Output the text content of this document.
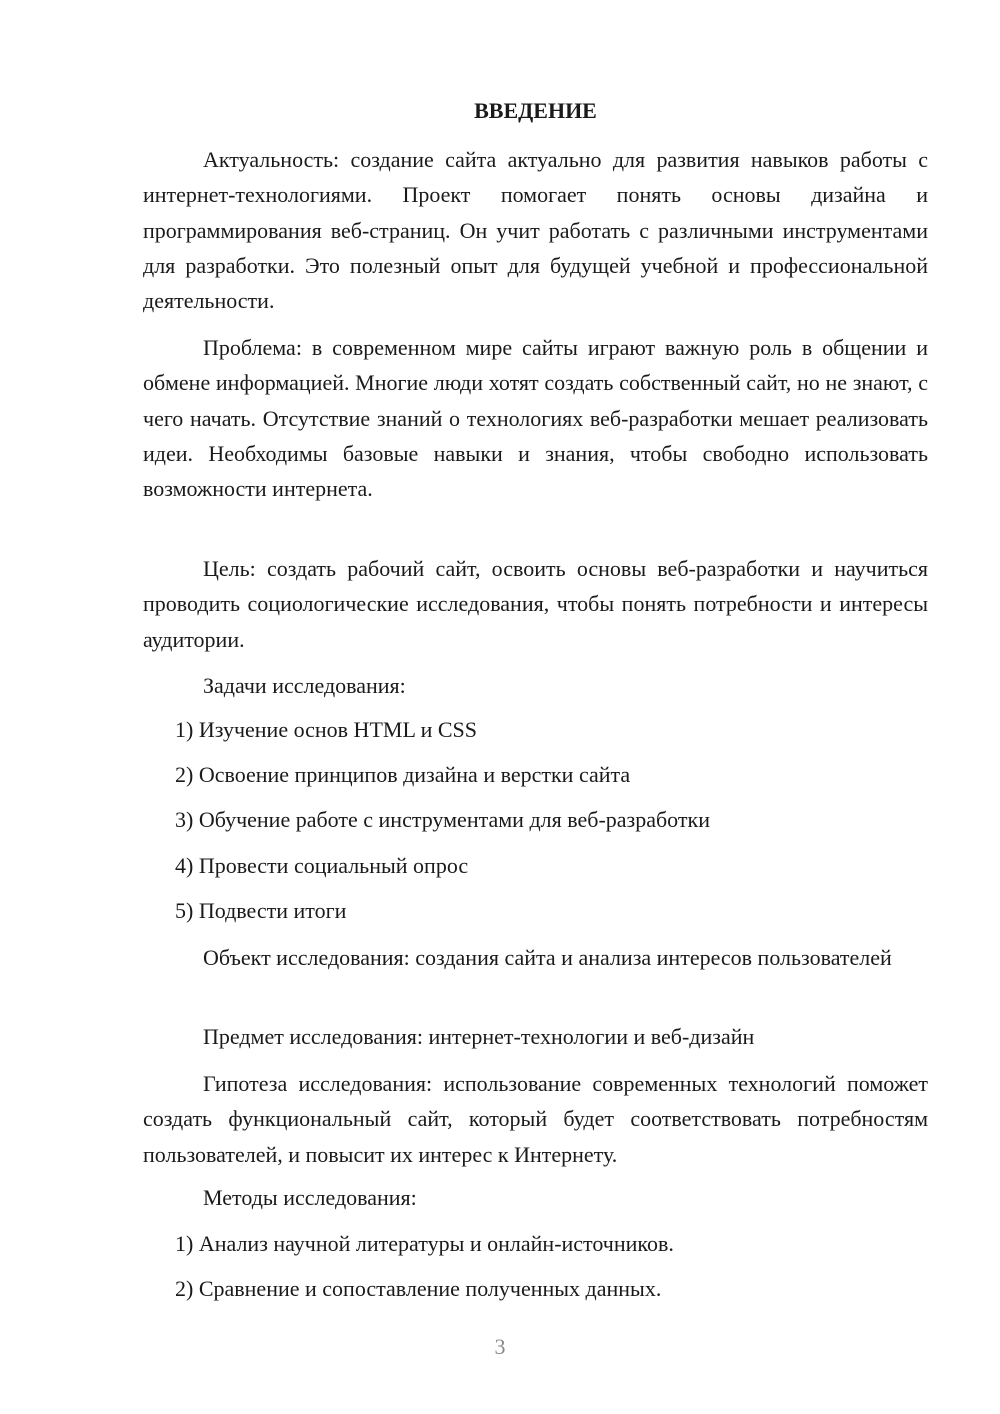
ВВЕДЕНИЕ
Актуальность: создание сайта актуально для развития навыков работы с интернет-технологиями. Проект помогает понять основы дизайна и программирования веб-страниц. Он учит работать с различными инструментами для разработки. Это полезный опыт для будущей учебной и профессиональной деятельности.
Проблема: в современном мире сайты играют важную роль в общении и обмене информацией. Многие люди хотят создать собственный сайт, но не знают, с чего начать. Отсутствие знаний о технологиях веб-разработки мешает реализовать идеи. Необходимы базовые навыки и знания, чтобы свободно использовать возможности интернета.
Цель: создать рабочий сайт, освоить основы веб-разработки и научиться проводить социологические исследования, чтобы понять потребности и интересы аудитории.
Задачи исследования:
1) Изучение основ HTML и CSS
2) Освоение принципов дизайна и верстки сайта
3) Обучение работе с инструментами для веб-разработки
4) Провести социальный опрос
5) Подвести итоги
Объект исследования: создания сайта и анализа интересов пользователей
Предмет исследования: интернет-технологии и веб-дизайн
Гипотеза исследования: использование современных технологий поможет создать функциональный сайт, который будет соответствовать потребностям пользователей, и повысит их интерес к Интернету.
Методы исследования:
1) Анализ научной литературы и онлайн-источников.
2) Сравнение и сопоставление полученных данных.
3
